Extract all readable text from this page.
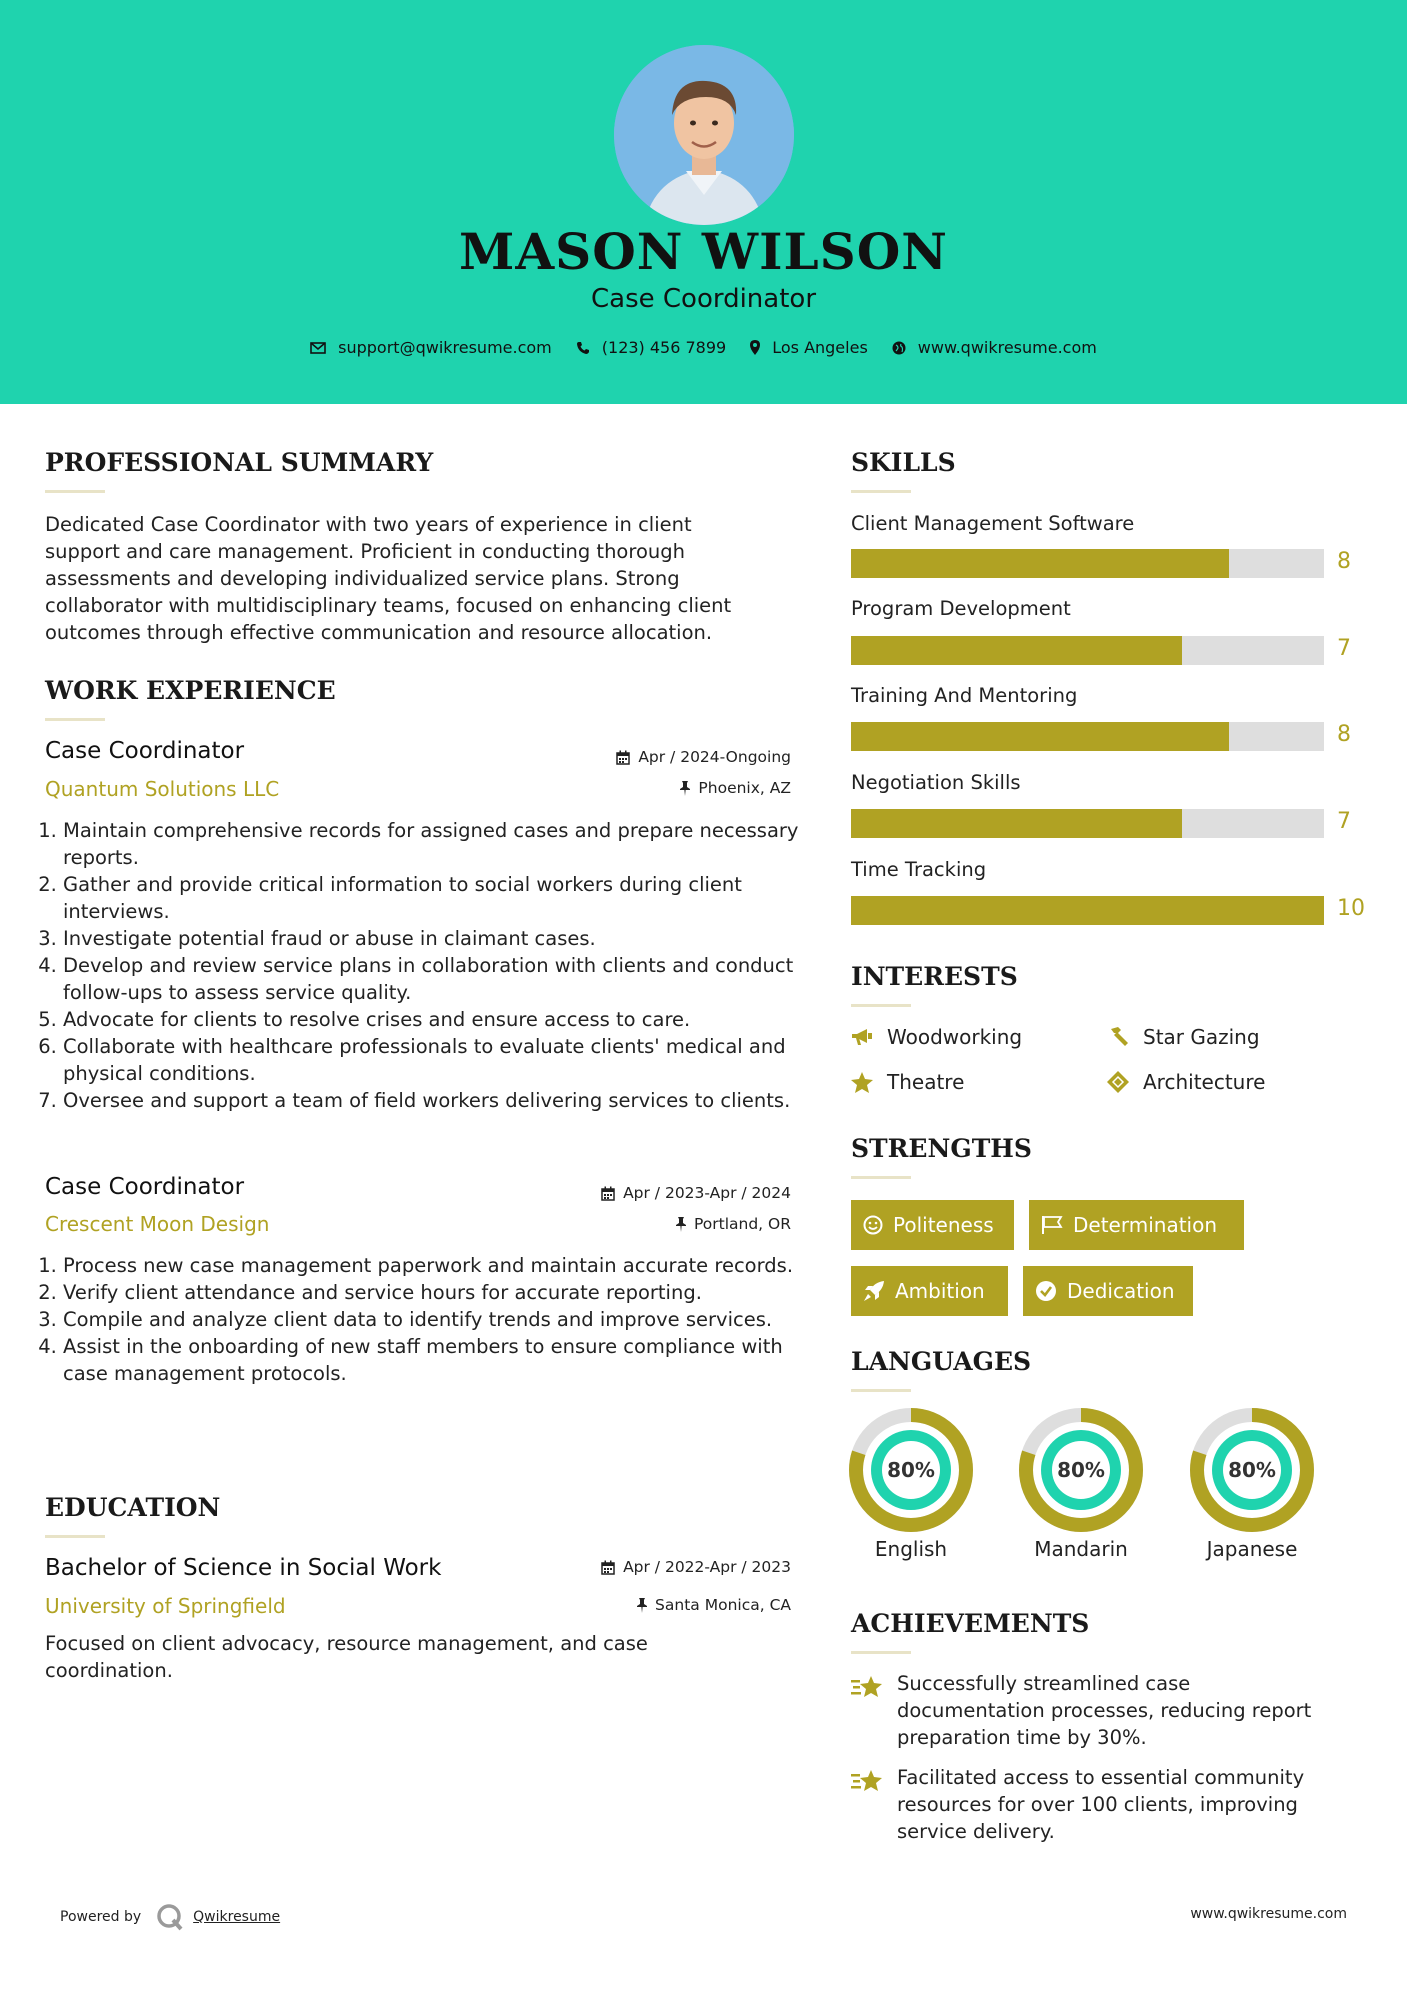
MASON WILSON
Case Coordinator
support@qwikresume.com	(123) 456 7899	Los Angeles	www.qwikresume.com
PROFESSIONAL SUMMARY
Dedicated Case Coordinator with two years of experience in client
support and care management. Proficient in conducting thorough
assessments and developing individualized service plans. Strong
collaborator with multidisciplinary teams, focused on enhancing client
outcomes through effective communication and resource allocation.
WORK EXPERIENCE
Case Coordinator
Quantum Solutions LLC
Apr / 2024-Ongoing
Phoenix, AZ
1. Maintain comprehensive records for assigned cases and prepare necessary reports.
2. Gather and provide critical information to social workers during client interviews.
3. Investigate potential fraud or abuse in claimant cases.
4. Develop and review service plans in collaboration with clients and conduct follow-ups to assess service quality.
5. Advocate for clients to resolve crises and ensure access to care.
6. Collaborate with healthcare professionals to evaluate clients' medical and physical conditions.
7. Oversee and support a team of field workers delivering services to clients.
Case Coordinator
Crescent Moon Design
Apr / 2023-Apr / 2024
Portland, OR
1. Process new case management paperwork and maintain accurate records.
2. Verify client attendance and service hours for accurate reporting.
3. Compile and analyze client data to identify trends and improve services.
4. Assist in the onboarding of new staff members to ensure compliance with case management protocols.
EDUCATION
Bachelor of Science in Social Work
University of Springfield
Apr / 2022-Apr / 2023
Santa Monica, CA
Focused on client advocacy, resource management, and case
coordination.
SKILLS
Client Management Software
8
Program Development
7
Training And Mentoring
8
Negotiation Skills
7
Time Tracking
10
INTERESTS
Woodworking	Star Gazing
Theatre	Architecture
STRENGTHS
Politeness	Determination
Ambition	Dedication
LANGUAGES
80%
English
80%
Mandarin
80%
Japanese
ACHIEVEMENTS
Successfully streamlined case
documentation processes, reducing report
preparation time by 30%.
Facilitated access to essential community
resources for over 100 clients, improving
service delivery.
Powered by	Qwikresume	www.qwikresume.com
